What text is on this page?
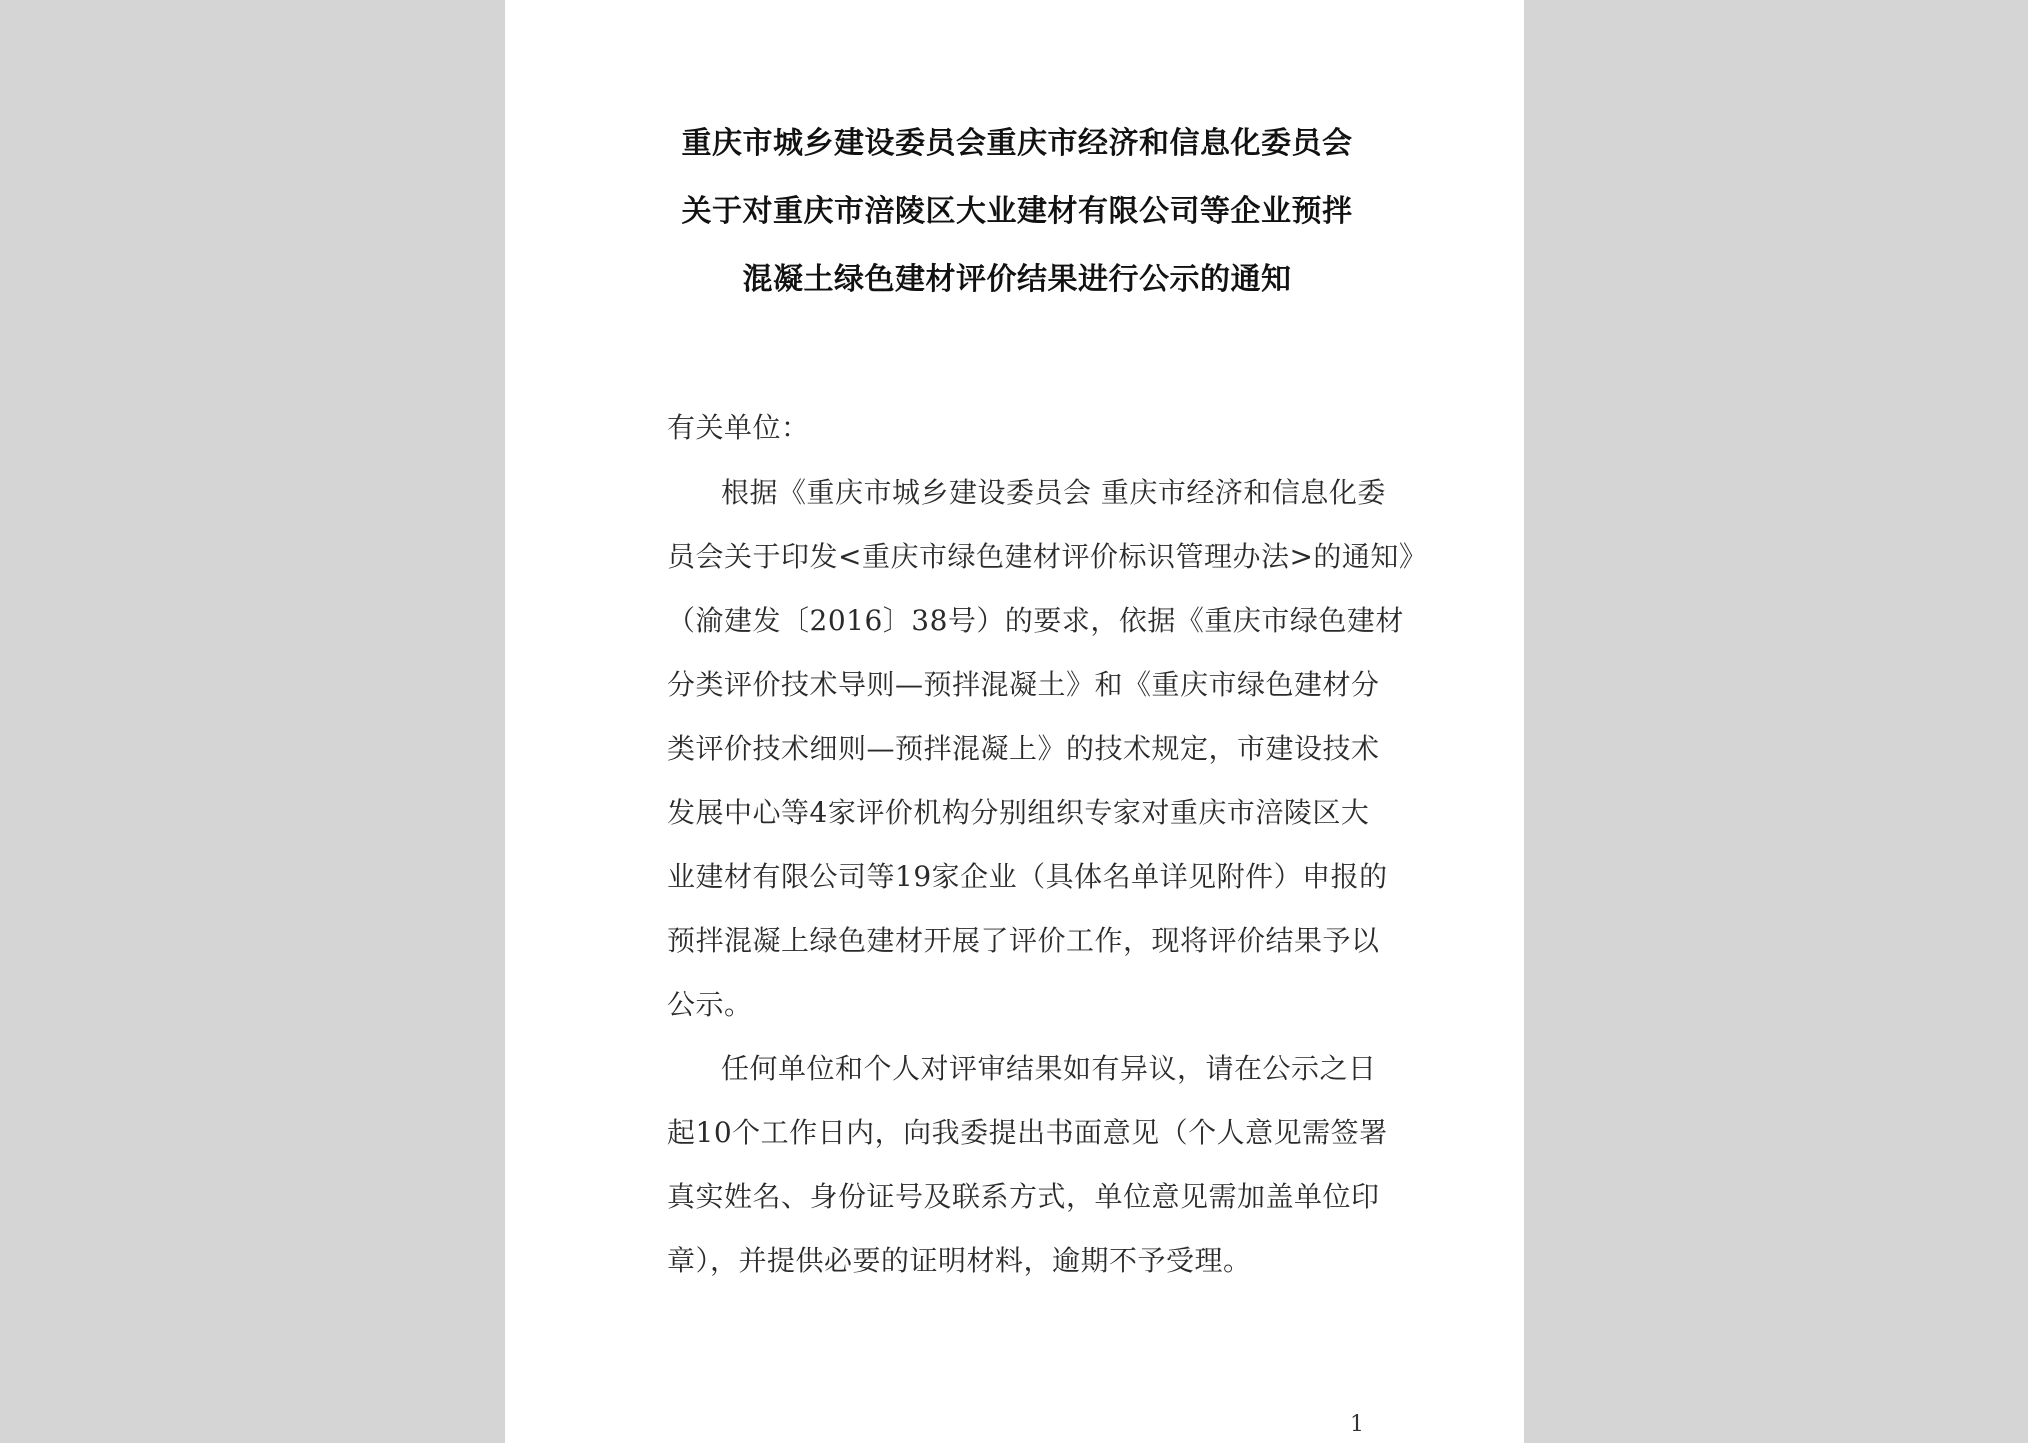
重庆市城乡建设委员会重庆市经济和信息化委员会
关于对重庆市涪陵区大业建材有限公司等企业预拌
混凝土绿色建材评价结果进行公示的通知
有关单位：
根据《重庆市城乡建设委员会 重庆市经济和信息化委
员会关于印发<重庆市绿色建材评价标识管理办法>的通知》
（渝建发〔2016〕38号）的要求，依据《重庆市绿色建材
分类评价技术导则—预拌混凝土》和《重庆市绿色建材分
类评价技术细则—预拌混凝上》的技术规定，市建设技术
发展中心等4家评价机构分别组织专家对重庆市涪陵区大
业建材有限公司等19家企业（具体名单详见附件）申报的
预拌混凝上绿色建材开展了评价工作，现将评价结果予以
公示。
任何单位和个人对评审结果如有异议，请在公示之日
起10个工作日内，向我委提出书面意见（个人意见需签署
真实姓名、身份证号及联系方式，单位意见需加盖单位印
章），并提供必要的证明材料，逾期不予受理。
1
